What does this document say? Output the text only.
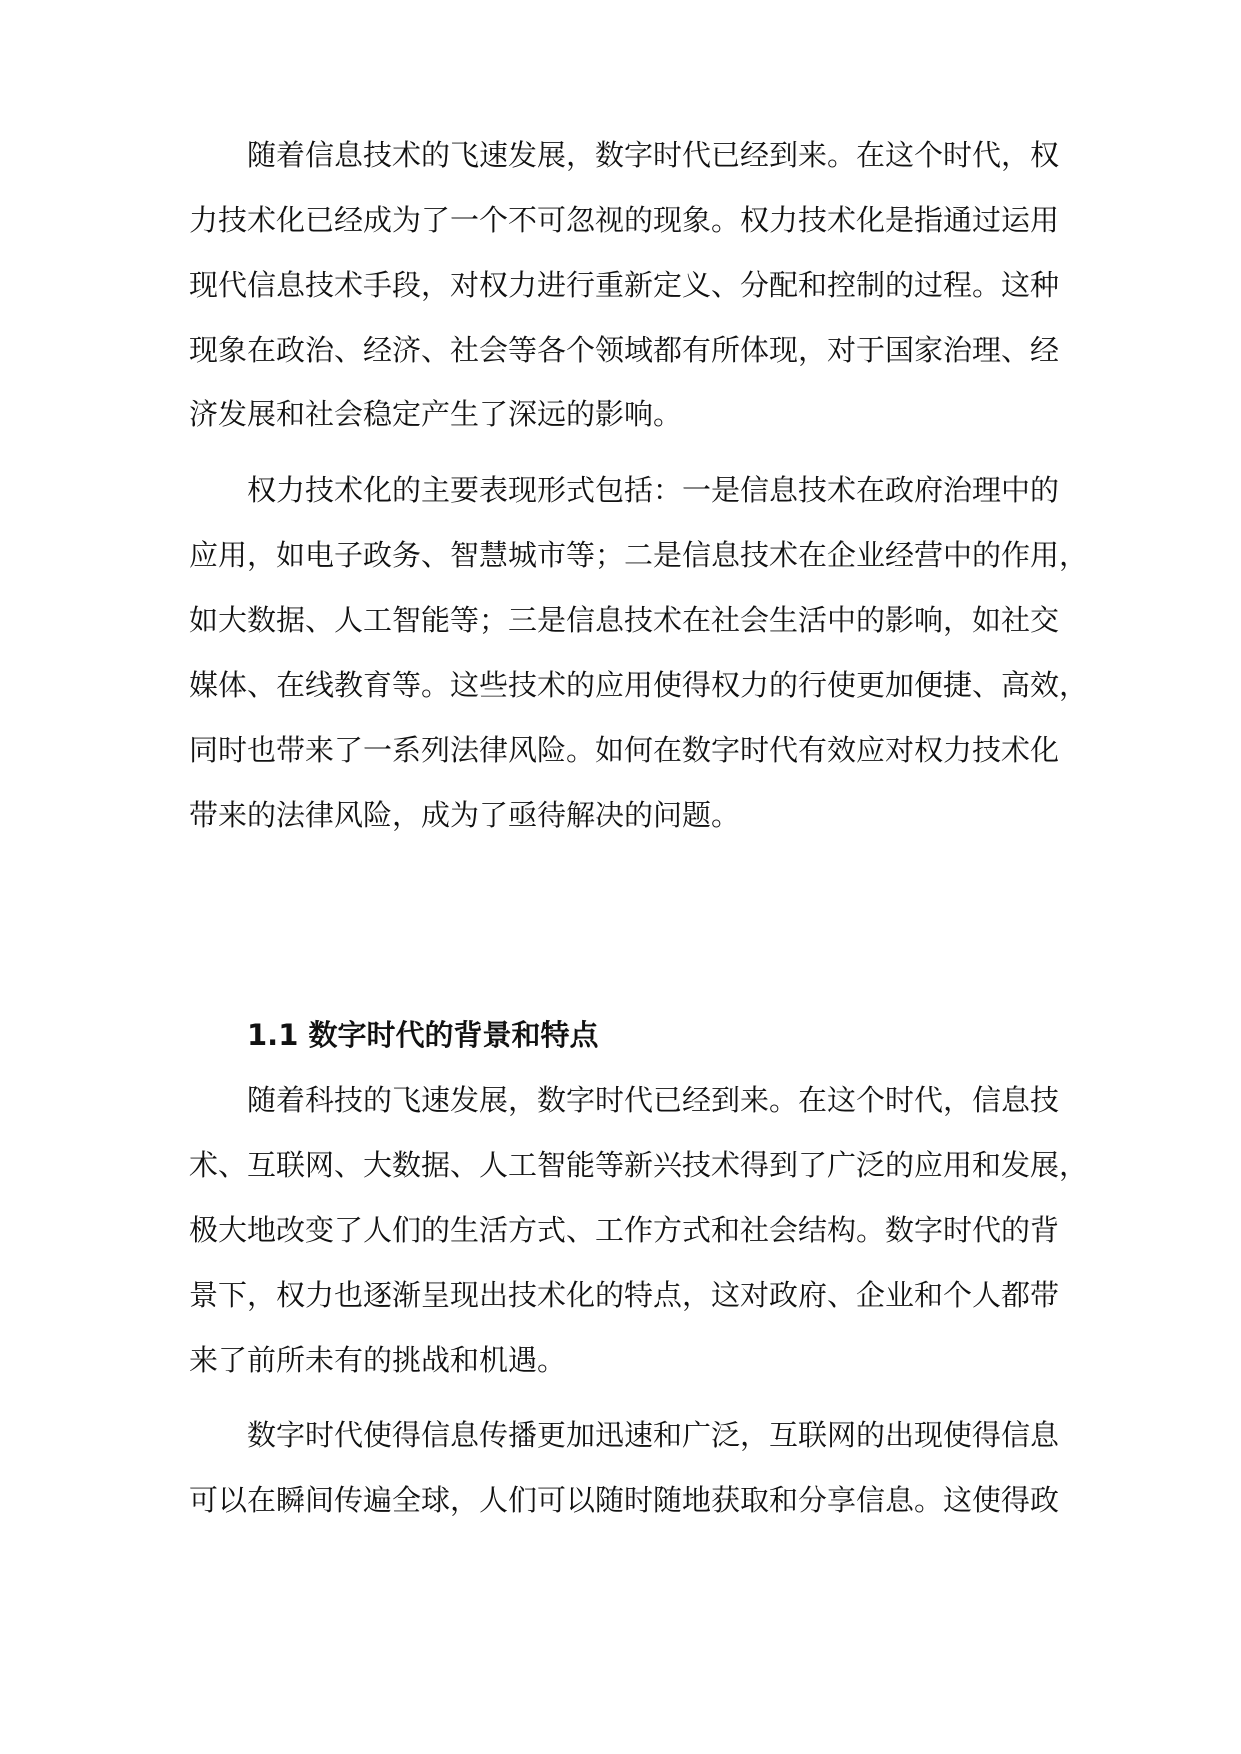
随着信息技术的飞速发展，数字时代已经到来。在这个时代，权
力技术化已经成为了一个不可忽视的现象。权力技术化是指通过运用
现代信息技术手段，对权力进行重新定义、分配和控制的过程。这种
现象在政治、经济、社会等各个领域都有所体现，对于国家治理、经
济发展和社会稳定产生了深远的影响。
权力技术化的主要表现形式包括：一是信息技术在政府治理中的
应用，如电子政务、智慧城市等；二是信息技术在企业经营中的作用，
如大数据、人工智能等；三是信息技术在社会生活中的影响，如社交
媒体、在线教育等。这些技术的应用使得权力的行使更加便捷、高效，
同时也带来了一系列法律风险。如何在数字时代有效应对权力技术化
带来的法律风险，成为了亟待解决的问题。
1.1 数字时代的背景和特点
随着科技的飞速发展，数字时代已经到来。在这个时代，信息技
术、互联网、大数据、人工智能等新兴技术得到了广泛的应用和发展，
极大地改变了人们的生活方式、工作方式和社会结构。数字时代的背
景下，权力也逐渐呈现出技术化的特点，这对政府、企业和个人都带
来了前所未有的挑战和机遇。
数字时代使得信息传播更加迅速和广泛，互联网的出现使得信息
可以在瞬间传遍全球，人们可以随时随地获取和分享信息。这使得政
